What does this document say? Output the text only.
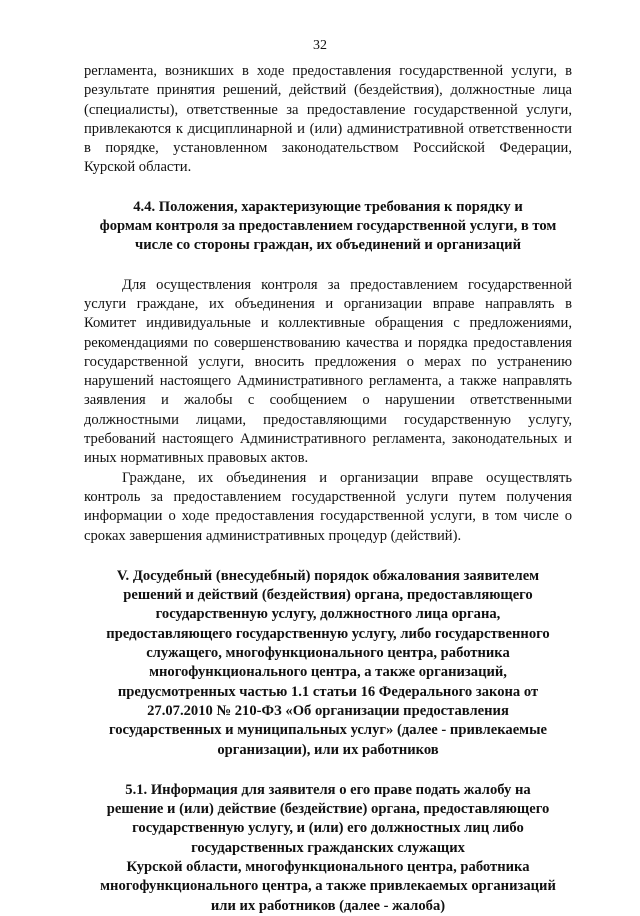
32

регламента, возникших в ходе предоставления государственной услуги, в результате принятия решений, действий (бездействия), должностные лица (специалисты), ответственные за предоставление государственной услуги, привлекаются к дисциплинарной и (или) административной ответственности в порядке, установленном законодательством Российской Федерации, Курской области.

4.4. Положения, характеризующие требования к порядку и
формам контроля за предоставлением государственной услуги, в том
числе со стороны граждан, их объединений и организаций

Для осуществления контроля за предоставлением государственной услуги граждане, их объединения и организации вправе направлять в Комитет индивидуальные и коллективные обращения с предложениями, рекомендациями по совершенствованию качества и порядка предоставления государственной услуги, вносить предложения о мерах по устранению нарушений настоящего Административного регламента, а также направлять заявления и жалобы с сообщением о нарушении ответственными должностными лицами, предоставляющими государственную услугу, требований настоящего Административного регламента, законодательных и иных нормативных правовых актов.

Граждане, их объединения и организации вправе осуществлять контроль за предоставлением государственной услуги путем получения информации о ходе предоставления государственной услуги, в том числе о сроках завершения административных процедур (действий).

V. Досудебный (внесудебный) порядок обжалования заявителем
решений и действий (бездействия) органа, предоставляющего
государственную услугу, должностного лица органа,
предоставляющего государственную услугу, либо государственного
служащего, многофункционального центра, работника
многофункционального центра, а также организаций,
предусмотренных частью 1.1 статьи 16 Федерального закона от
27.07.2010 № 210-ФЗ «Об организации предоставления
государственных и муниципальных услуг» (далее - привлекаемые
организации), или их работников
5.1. Информация для заявителя о его праве подать жалобу на
решение и (или) действие (бездействие) органа, предоставляющего
государственную услугу, и (или) его должностных лиц либо
государственных гражданских служащих
Курской области, многофункционального центра, работника
многофункционального центра, а также привлекаемых организаций
или их работников (далее - жалоба)
